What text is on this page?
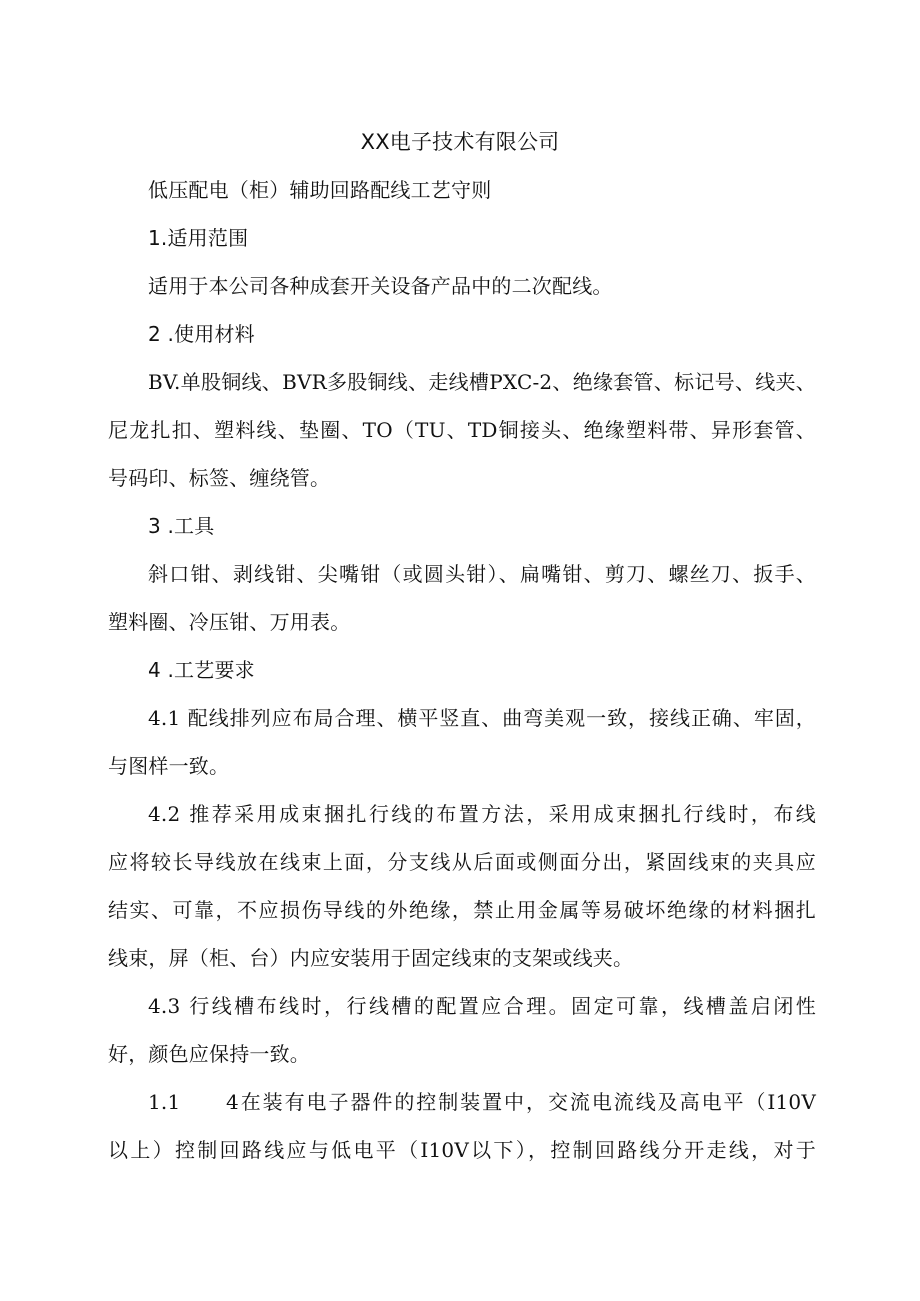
XX电子技术有限公司
低压配电（柜）辅助回路配线工艺守则
1.适用范围
适用于本公司各种成套开关设备产品中的二次配线。
2 .使用材料
BV.单股铜线、BVR多股铜线、走线槽PXC-2、绝缘套管、标记号、线夹、
尼龙扎扣、塑料线、垫圈、TO（TU、TD铜接头、绝缘塑料带、异形套管、
号码印、标签、缠绕管。
3 .工具
斜口钳、剥线钳、尖嘴钳（或圆头钳）、扁嘴钳、剪刀、螺丝刀、扳手、
塑料圈、冷压钳、万用表。
4 .工艺要求
4.1 配线排列应布局合理、横平竖直、曲弯美观一致，接线正确、牢固，
与图样一致。
4.2 推荐采用成束捆扎行线的布置方法，采用成束捆扎行线时，布线
应将较长导线放在线束上面，分支线从后面或侧面分出，紧固线束的夹具应
结实、可靠，不应损伤导线的外绝缘，禁止用金属等易破坏绝缘的材料捆扎
线束，屏（柜、台）内应安装用于固定线束的支架或线夹。
4.3 行线槽布线时，行线槽的配置应合理。固定可靠，线槽盖启闭性
好，颜色应保持一致。
1.1　　4在装有电子器件的控制装置中，交流电流线及高电平（I10V
以上）控制回路线应与低电平（I10V以下），控制回路线分开走线，对于
